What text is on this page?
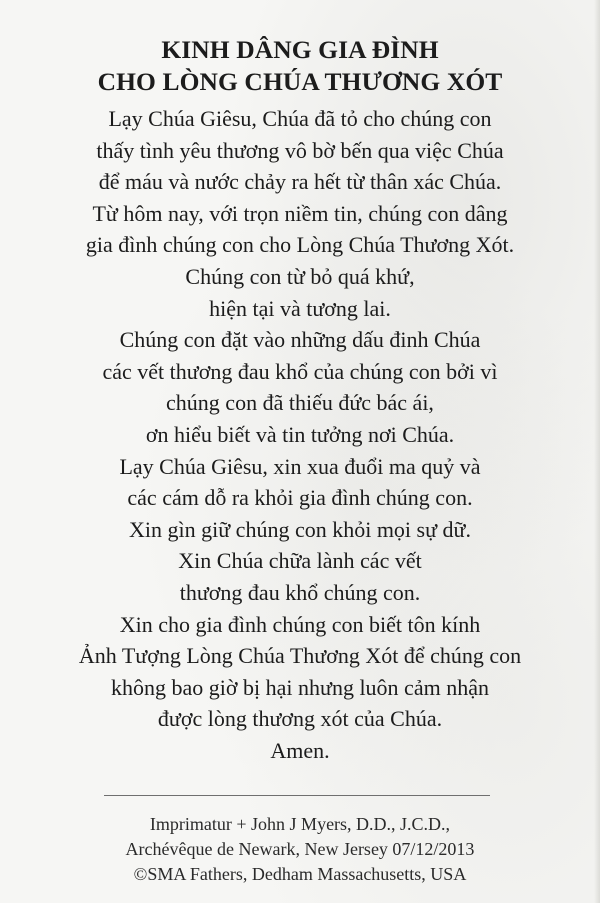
KINH DÂNG GIA ĐÌNH
CHO LÒNG CHÚA THƯƠNG XÓT
Lạy Chúa Giêsu, Chúa đã tỏ cho chúng con
thấy tình yêu thương vô bờ bến qua việc Chúa
để máu và nước chảy ra hết từ thân xác Chúa.
Từ hôm nay, với trọn niềm tin, chúng con dâng
gia đình chúng con cho Lòng Chúa Thương Xót.
Chúng con từ bỏ quá khứ,
hiện tại và tương lai.
Chúng con đặt vào những dấu đinh Chúa
các vết thương đau khổ của chúng con bởi vì
chúng con đã thiếu đức bác ái,
ơn hiểu biết và tin tưởng nơi Chúa.
Lạy Chúa Giêsu, xin xua đuổi ma quỷ và
các cám dỗ ra khỏi gia đình chúng con.
Xin gìn giữ chúng con khỏi mọi sự dữ.
Xin Chúa chữa lành các vết
thương đau khổ chúng con.
Xin cho gia đình chúng con biết tôn kính
Ảnh Tượng Lòng Chúa Thương Xót để chúng con
không bao giờ bị hại nhưng luôn cảm nhận
được lòng thương xót của Chúa.
Amen.
Imprimatur + John J Myers, D.D., J.C.D.,
Archévêque de Newark, New Jersey 07/12/2013
©SMA Fathers, Dedham Massachusetts, USA
